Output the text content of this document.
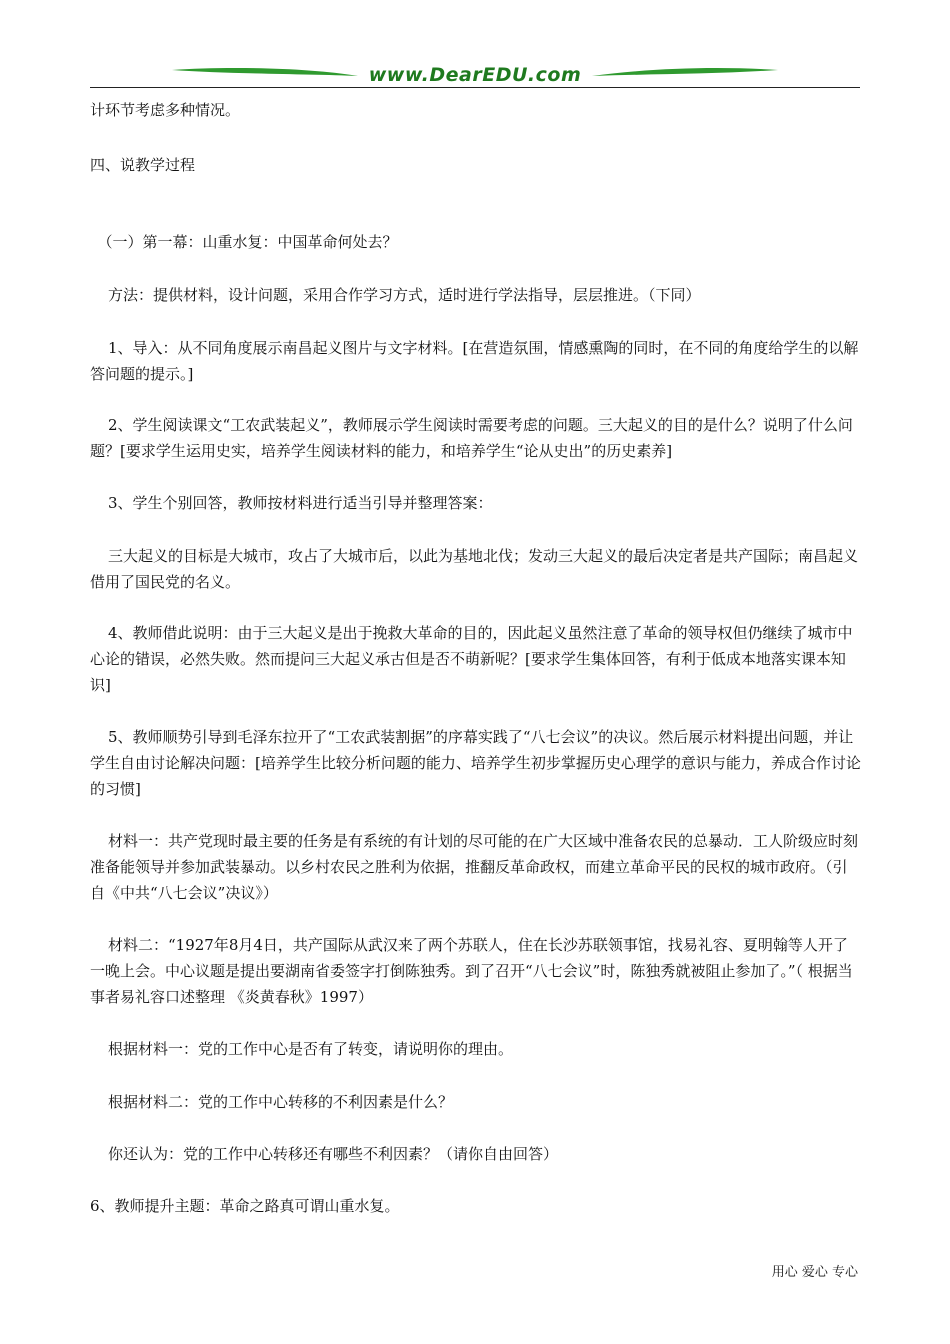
www.DearEDU.com

计环节考虑多种情况。

四、说教学过程

（一）第一幕：山重水复：中国革命何处去？

方法：提供材料，设计问题，采用合作学习方式，适时进行学法指导，层层推进。（下同）

1、导入：从不同角度展示南昌起义图片与文字材料。[在营造氛围，情感熏陶的同时，在不同的角度给学生的以解答问题的提示。]

2、学生阅读课文“工农武装起义”，教师展示学生阅读时需要考虑的问题。三大起义的目的是什么？说明了什么问题？[要求学生运用史实，培养学生阅读材料的能力，和培养学生“论从史出”的历史素养]

3、学生个别回答，教师按材料进行适当引导并整理答案：

三大起义的目标是大城市，攻占了大城市后，以此为基地北伐；发动三大起义的最后决定者是共产国际；南昌起义借用了国民党的名义。

4、教师借此说明：由于三大起义是出于挽救大革命的目的，因此起义虽然注意了革命的领导权但仍继续了城市中心论的错误，必然失败。然而提问三大起义承古但是否不萌新呢？[要求学生集体回答，有利于低成本地落实课本知识]

5、教师顺势引导到毛泽东拉开了“工农武装割据”的序幕实践了“八七会议”的决议。然后展示材料提出问题，并让学生自由讨论解决问题：[培养学生比较分析问题的能力、培养学生初步掌握历史心理学的意识与能力，养成合作讨论的习惯]

材料一：共产党现时最主要的任务是有系统的有计划的尽可能的在广大区域中准备农民的总暴动．工人阶级应时刻准备能领导并参加武装暴动。以乡村农民之胜利为依据，推翻反革命政权，而建立革命平民的民权的城市政府。（引自《中共“八七会议”决议》）

材料二：“1927年8月4日，共产国际从武汉来了两个苏联人，住在长沙苏联领事馆，找易礼容、夏明翰等人开了一晚上会。中心议题是提出要湖南省委签字打倒陈独秀。到了召开“八七会议”时，陈独秀就被阻止参加了。”（ 根据当事者易礼容口述整理 《炎黄春秋》1997）

根据材料一：党的工作中心是否有了转变，请说明你的理由。

根据材料二：党的工作中心转移的不利因素是什么？

你还认为：党的工作中心转移还有哪些不利因素？（请你自由回答）

6、教师提升主题：革命之路真可谓山重水复。

用心 爱心 专心
